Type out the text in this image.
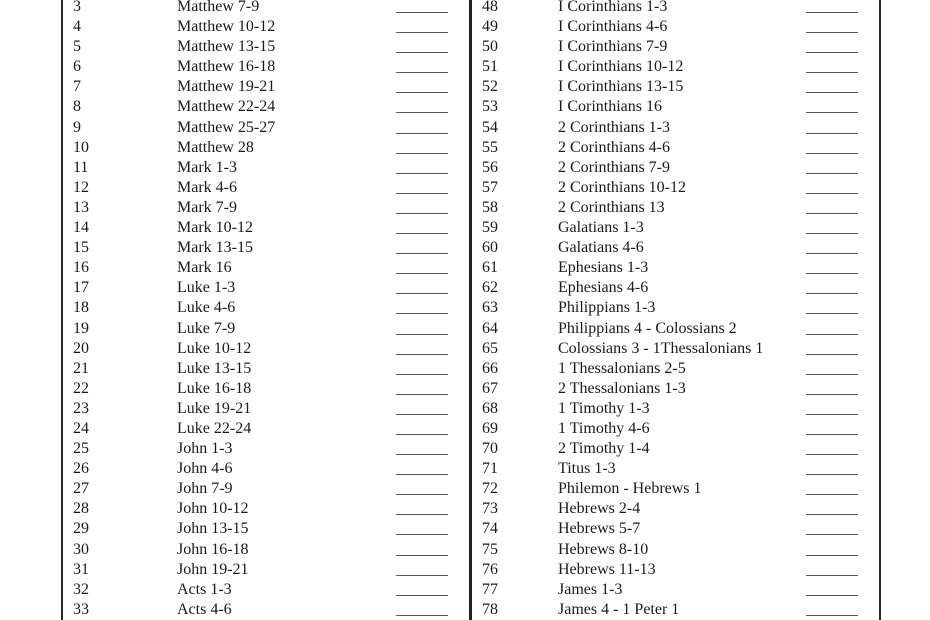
3	Matthew 7-9
4	Matthew 10-12
5	Matthew 13-15
6	Matthew 16-18
7	Matthew 19-21
8	Matthew 22-24
9	Matthew 25-27
10	Matthew 28
11	Mark 1-3
12	Mark 4-6
13	Mark 7-9
14	Mark 10-12
15	Mark 13-15
16	Mark 16
17	Luke 1-3
18	Luke 4-6
19	Luke 7-9
20	Luke 10-12
21	Luke 13-15
22	Luke 16-18
23	Luke 19-21
24	Luke 22-24
25	John 1-3
26	John 4-6
27	John 7-9
28	John 10-12
29	John 13-15
30	John 16-18
31	John 19-21
32	Acts 1-3
33	Acts 4-6
48	I Corinthians 1-3
49	I Corinthians 4-6
50	I Corinthians 7-9
51	I Corinthians 10-12
52	I Corinthians 13-15
53	I Corinthians 16
54	2 Corinthians 1-3
55	2 Corinthians 4-6
56	2 Corinthians 7-9
57	2 Corinthians 10-12
58	2 Corinthians 13
59	Galatians 1-3
60	Galatians 4-6
61	Ephesians 1-3
62	Ephesians 4-6
63	Philippians 1-3
64	Philippians 4 - Colossians 2
65	Colossians 3 - 1Thessalonians 1
66	1 Thessalonians 2-5
67	2 Thessalonians 1-3
68	1 Timothy 1-3
69	1 Timothy 4-6
70	2 Timothy 1-4
71	Titus 1-3
72	Philemon - Hebrews 1
73	Hebrews 2-4
74	Hebrews 5-7
75	Hebrews 8-10
76	Hebrews 11-13
77	James 1-3
78	James 4 - 1 Peter 1
